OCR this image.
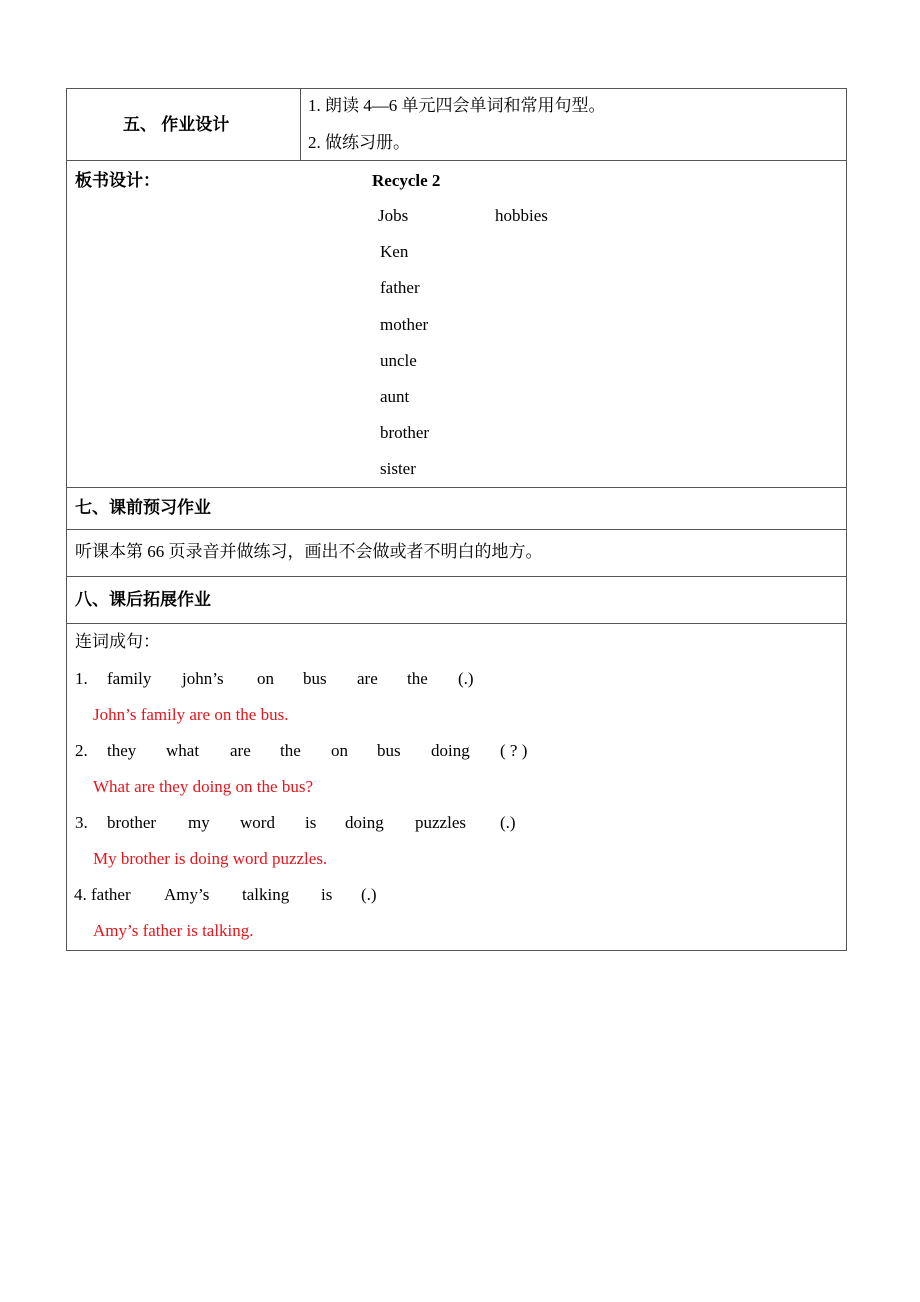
五、 作业设计
1. 朗读 4—6 单元四会单词和常用句型。
2. 做练习册。
板书设计：	Recycle 2
Jobs	hobbies
Ken
father
mother
uncle
aunt
brother
sister
七、课前预习作业
听课本第 66 页录音并做练习，画出不会做或者不明白的地方。
八、课后拓展作业
连词成句：
1. family john’s on bus are the (.)
John’s family are on the bus.
2. they what are the on bus doing ( ? )
What are they doing on the bus?
3. brother my word is doing puzzles (.)
My brother is doing word puzzles.
4. father Amy’s talking is (.)
Amy’s father is talking.
